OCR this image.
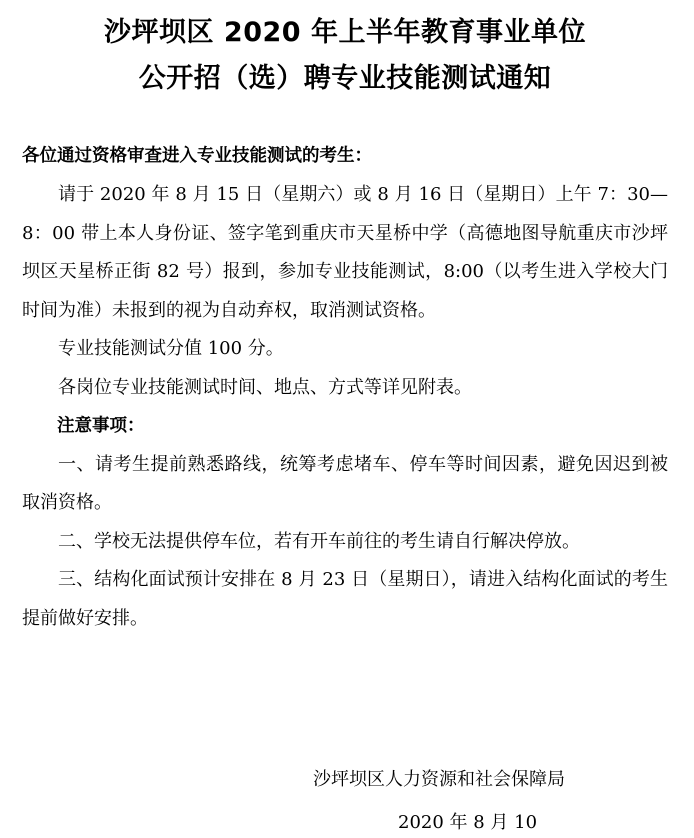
沙坪坝区 2020 年上半年教育事业单位
公开招（选）聘专业技能测试通知
各位通过资格审查进入专业技能测试的考生：

请于 2020 年 8 月 15 日（星期六）或 8 月 16 日（星期日）上午 7：30—8：00 带上本人身份证、签字笔到重庆市天星桥中学（高德地图导航重庆市沙坪坝区天星桥正街 82 号）报到，参加专业技能测试，8:00（以考生进入学校大门时间为准）未报到的视为自动弃权，取消测试资格。

专业技能测试分值 100 分。

各岗位专业技能测试时间、地点、方式等详见附表。

注意事项：

一、请考生提前熟悉路线，统筹考虑堵车、停车等时间因素，避免因迟到被取消资格。

二、学校无法提供停车位，若有开车前往的考生请自行解决停放。

三、结构化面试预计安排在 8 月 23 日（星期日），请进入结构化面试的考生提前做好安排。

沙坪坝区人力资源和社会保障局
2020 年 8 月 10
